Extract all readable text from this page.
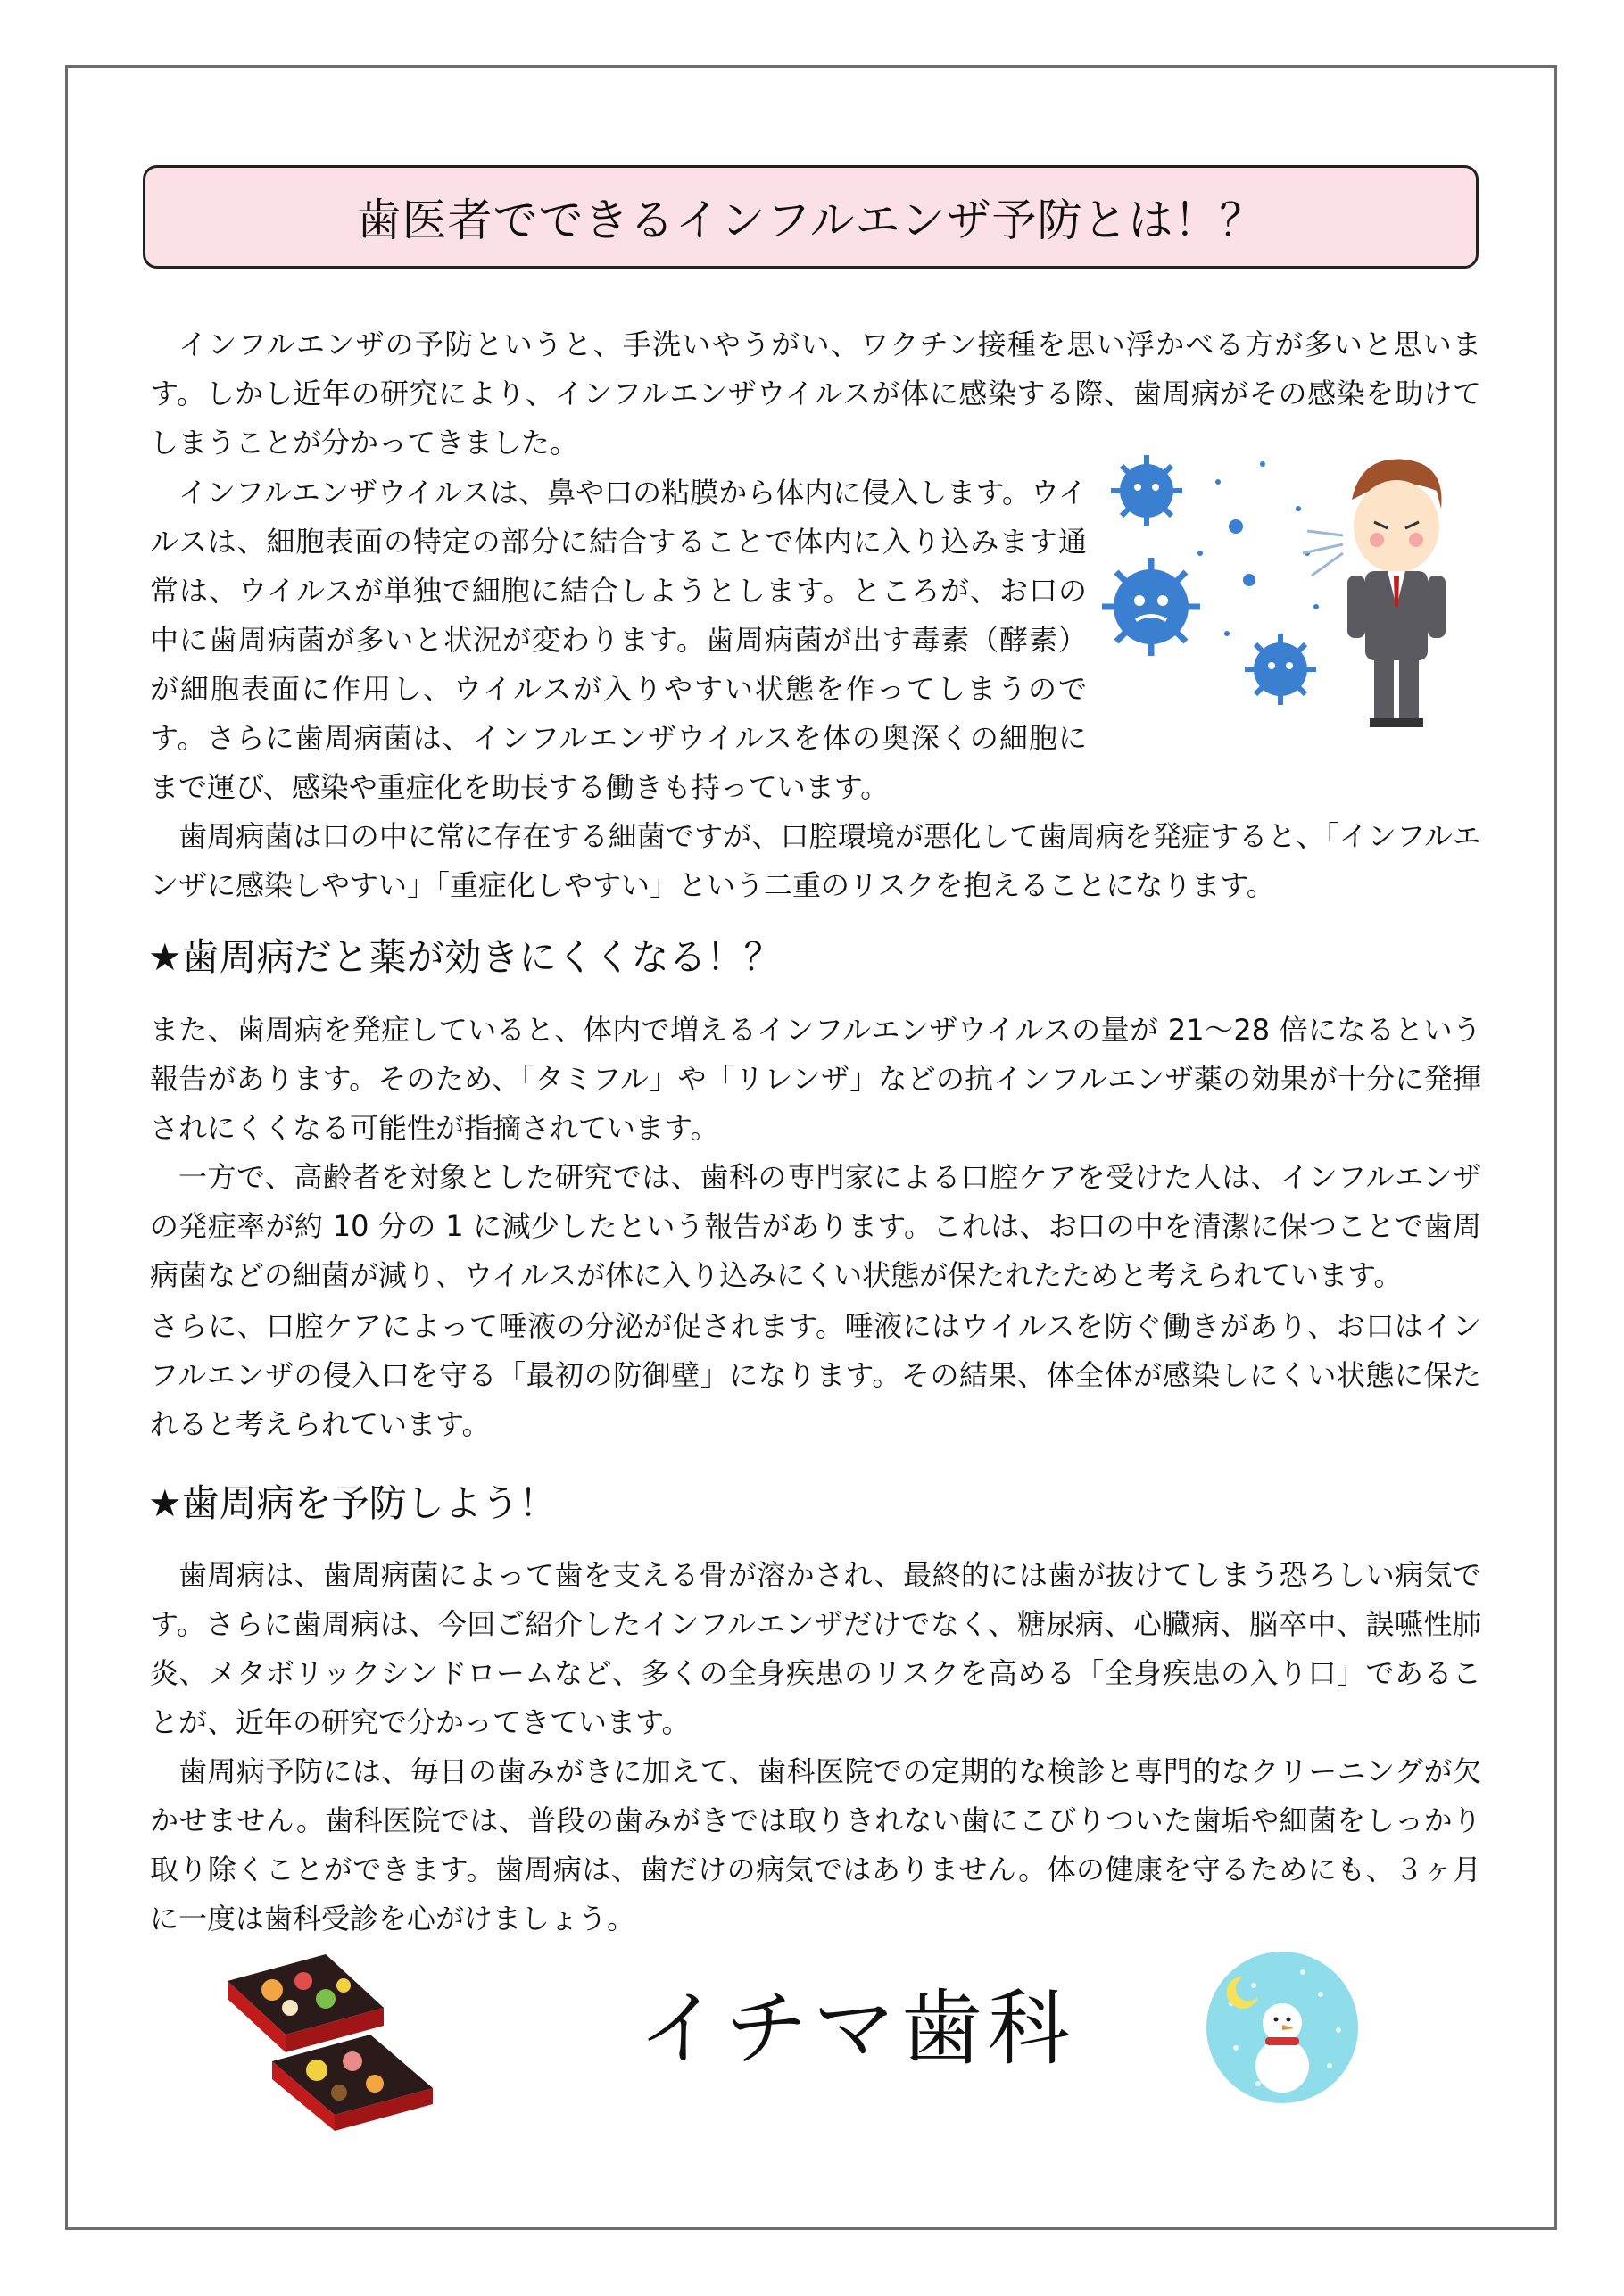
歯医者でできるインフルエンザ予防とは！？

インフルエンザの予防というと、手洗いやうがい、ワクチン接種を思い浮かべる方が多いと思います。しかし近年の研究により、インフルエンザウイルスが体に感染する際、歯周病がその感染を助けてしまうことが分かってきました。

インフルエンザウイルスは、鼻や口の粘膜から体内に侵入します。ウイルスは、細胞表面の特定の部分に結合することで体内に入り込みます通常は、ウイルスが単独で細胞に結合しようとします。ところが、お口の中に歯周病菌が多いと状況が変わります。歯周病菌が出す毒素（酵素）が細胞表面に作用し、ウイルスが入りやすい状態を作ってしまうのです。さらに歯周病菌は、インフルエンザウイルスを体の奥深くの細胞にまで運び、感染や重症化を助長する働きも持っています。

歯周病菌は口の中に常に存在する細菌ですが、口腔環境が悪化して歯周病を発症すると、「インフルエンザに感染しやすい」「重症化しやすい」という二重のリスクを抱えることになります。

★歯周病だと薬が効きにくくなる！？

また、歯周病を発症していると、体内で増えるインフルエンザウイルスの量が 21～28 倍になるという報告があります。そのため、「タミフル」や「リレンザ」などの抗インフルエンザ薬の効果が十分に発揮されにくくなる可能性が指摘されています。

一方で、高齢者を対象とした研究では、歯科の専門家による口腔ケアを受けた人は、インフルエンザの発症率が約 10 分の 1 に減少したという報告があります。これは、お口の中を清潔に保つことで歯周病菌などの細菌が減り、ウイルスが体に入り込みにくい状態が保たれたためと考えられています。

さらに、口腔ケアによって唾液の分泌が促されます。唾液にはウイルスを防ぐ働きがあり、お口はインフルエンザの侵入口を守る「最初の防御壁」になります。その結果、体全体が感染しにくい状態に保たれると考えられています。

★歯周病を予防しよう！

歯周病は、歯周病菌によって歯を支える骨が溶かされ、最終的には歯が抜けてしまう恐ろしい病気です。さらに歯周病は、今回ご紹介したインフルエンザだけでなく、糖尿病、心臓病、脳卒中、誤嚥性肺炎、メタボリックシンドロームなど、多くの全身疾患のリスクを高める「全身疾患の入り口」であることが、近年の研究で分かってきています。

歯周病予防には、毎日の歯みがきに加えて、歯科医院での定期的な検診と専門的なクリーニングが欠かせません。歯科医院では、普段の歯みがきでは取りきれない歯にこびりついた歯垢や細菌をしっかり取り除くことができます。歯周病は、歯だけの病気ではありません。体の健康を守るためにも、３ヶ月に一度は歯科受診を心がけましょう。

イチマ歯科
